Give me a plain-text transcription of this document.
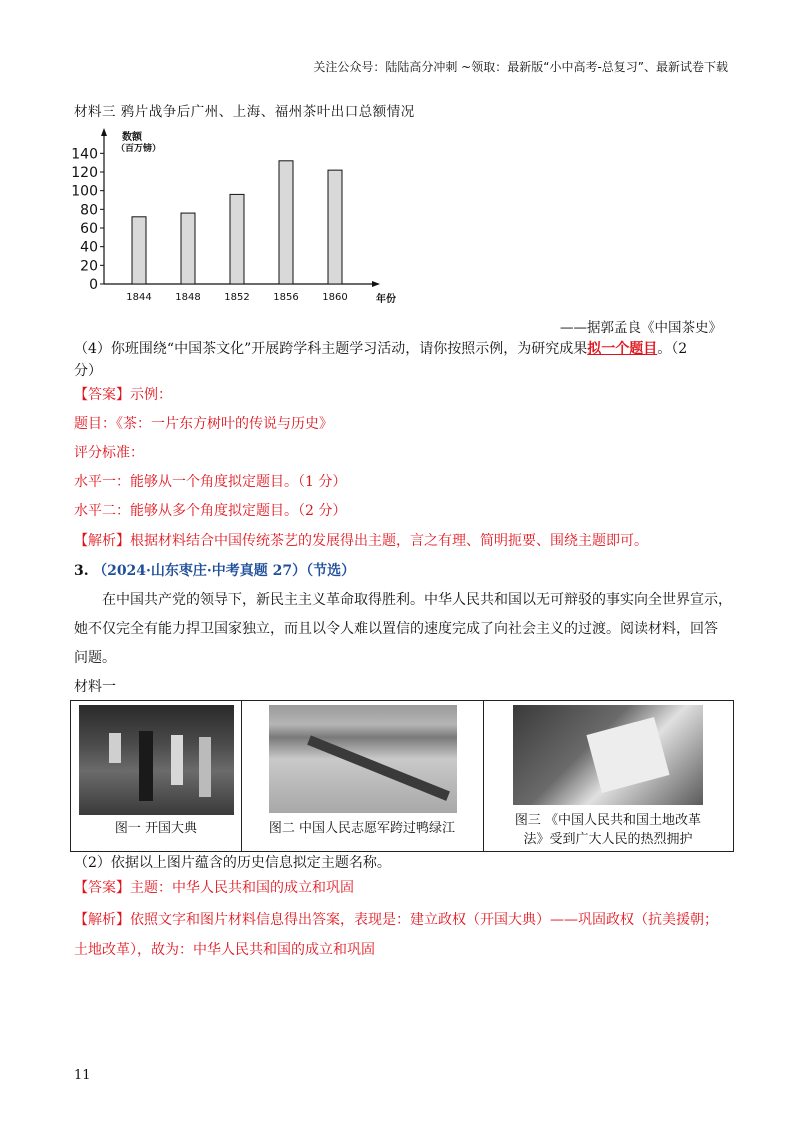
关注公众号：陆陆高分冲刺 ~领取：最新版“小中高考-总复习”、最新试卷下载
材料三 鸦片战争后广州、上海、福州茶叶出口总额情况
数额
（百万镑）
0
20
40
60
80
100
120
140
1844 1848 1852 1856 1860	年份
——据郭孟良《中国茶史》
（4）你班围绕“中国茶文化”开展跨学科主题学习活动，请你按照示例，为研究成果拟一个题目。（2
分）
【答案】示例：
题目：《茶：一片东方树叶的传说与历史》
评分标准：
水平一：能够从一个角度拟定题目。（1 分）
水平二：能够从多个角度拟定题目。（2 分）
【解析】根据材料结合中国传统茶艺的发展得出主题，言之有理、简明扼要、围绕主题即可。
3. （2024·山东枣庄·中考真题 27）（节选）
在中国共产党的领导下，新民主主义革命取得胜利。中华人民共和国以无可辩驳的事实向全世界宣示，
她不仅完全有能力捍卫国家独立，而且以令人难以置信的速度完成了向社会主义的过渡。阅读材料，回答
问题。
材料一
图一 开国大典	图二 中国人民志愿军跨过鸭绿江
图三 《中国人民共和国土地改革
法》受到广大人民的热烈拥护
（2）依据以上图片蕴含的历史信息拟定主题名称。
【答案】主题：中华人民共和国的成立和巩固
【解析】依照文字和图片材料信息得出答案，表现是：建立政权（开国大典）——巩固政权（抗美援朝；
土地改革），故为：中华人民共和国的成立和巩固
11
